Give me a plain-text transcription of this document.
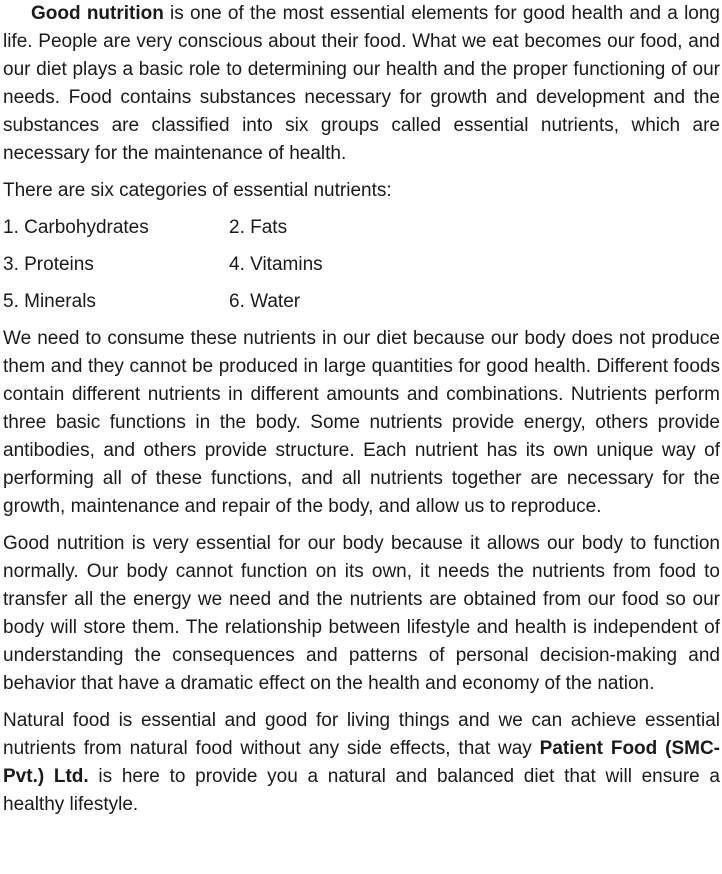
Good nutrition is one of the most essential elements for good health and a long life. People are very conscious about their food. What we eat becomes our food, and our diet plays a basic role to determining our health and the proper functioning of our needs. Food contains substances necessary for growth and development and the substances are classified into six groups called essential nutrients, which are necessary for the maintenance of health.

There are six categories of essential nutrients:

1. Carbohydrates	2. Fats
3. Proteins	4. Vitamins
5. Minerals	6. Water

We need to consume these nutrients in our diet because our body does not produce them and they cannot be produced in large quantities for good health. Different foods contain different nutrients in different amounts and combinations. Nutrients perform three basic functions in the body. Some nutrients provide energy, others provide antibodies, and others provide structure. Each nutrient has its own unique way of performing all of these functions, and all nutrients together are necessary for the growth, maintenance and repair of the body, and allow us to reproduce.

Good nutrition is very essential for our body because it allows our body to function normally. Our body cannot function on its own, it needs the nutrients from food to transfer all the energy we need and the nutrients are obtained from our food so our body will store them. The relationship between lifestyle and health is independent of understanding the consequences and patterns of personal decision-making and behavior that have a dramatic effect on the health and economy of the nation.

Natural food is essential and good for living things and we can achieve essential nutrients from natural food without any side effects, that way Patient Food (SMC-Pvt.) Ltd. is here to provide you a natural and balanced diet that will ensure a healthy lifestyle.
